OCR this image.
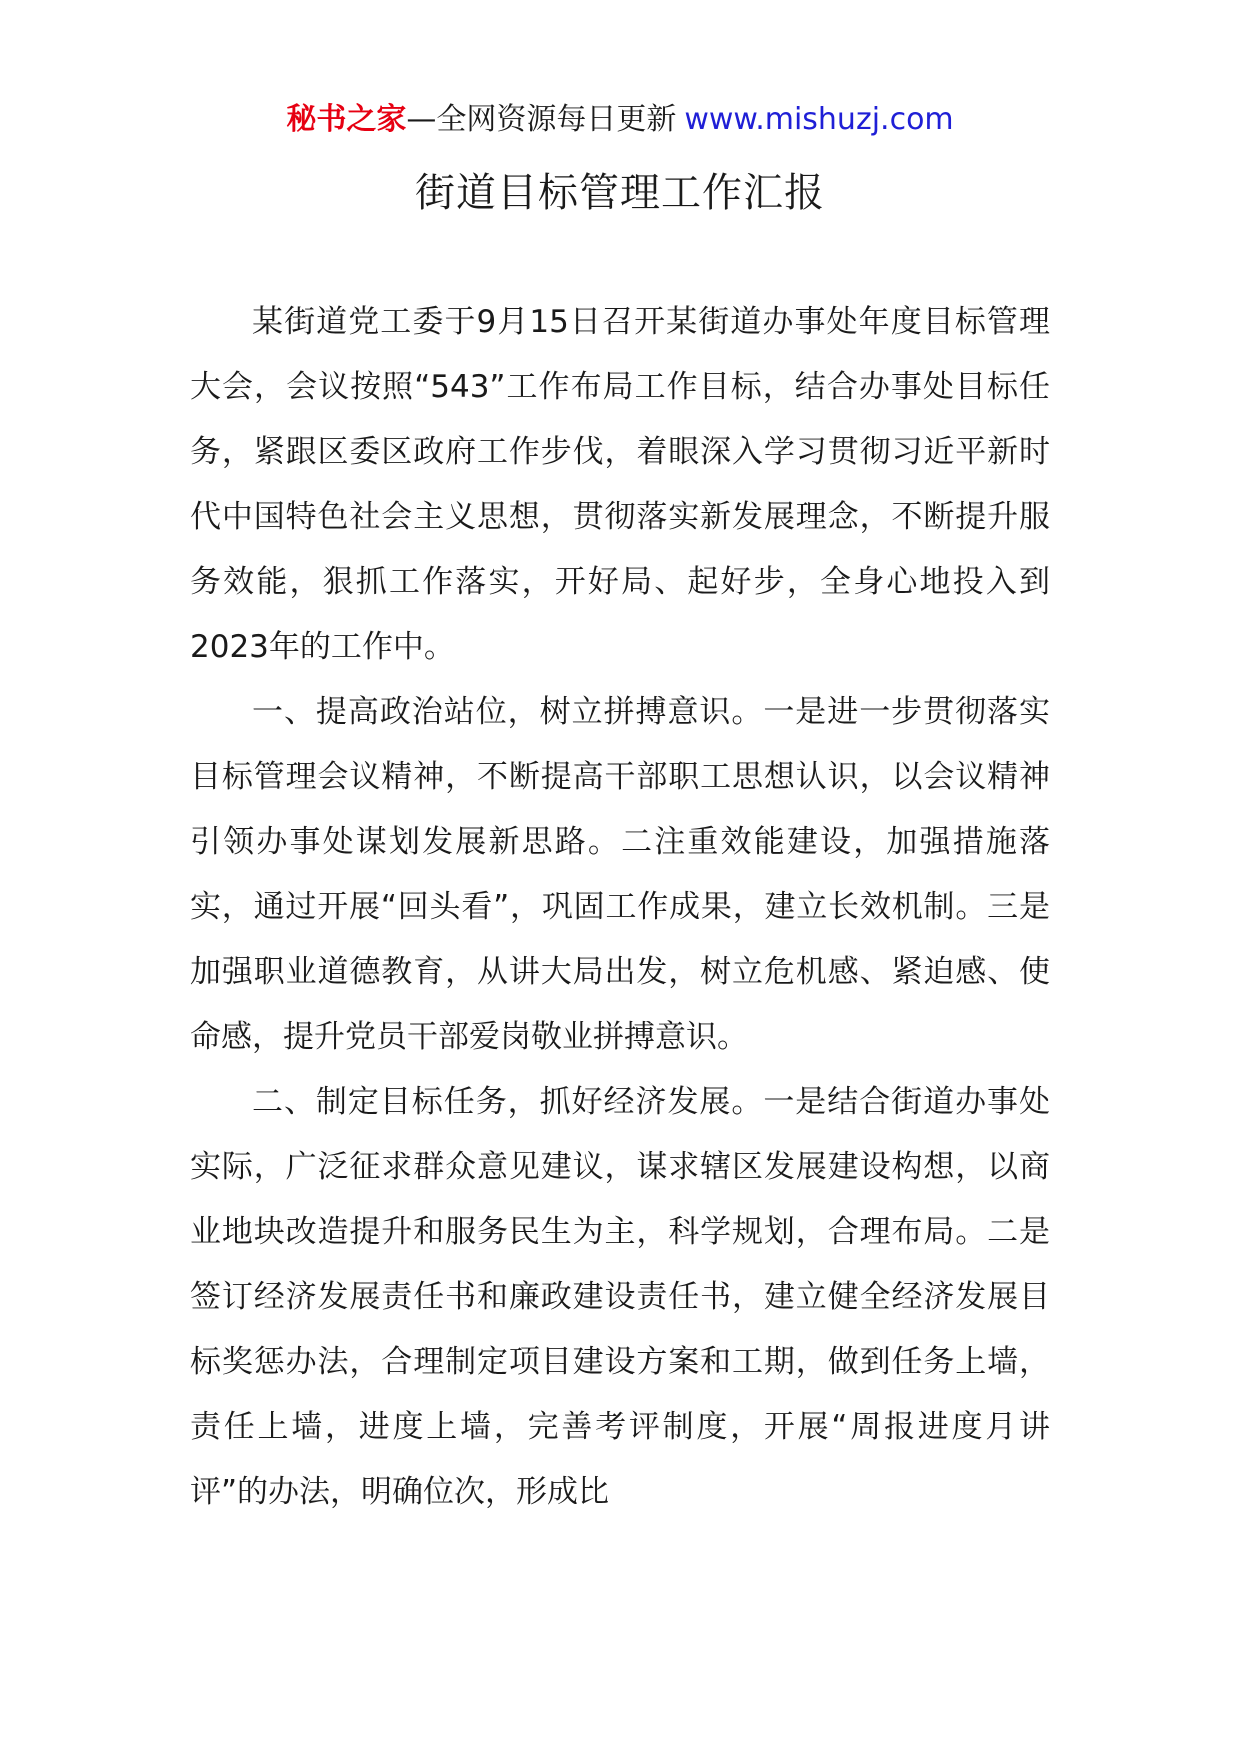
秘书之家—全网资源每日更新 www.mishuzj.com
街道目标管理工作汇报

某街道党工委于9月15日召开某街道办事处年度目标管理大会，会议按照“543”工作布局工作目标，结合办事处目标任务，紧跟区委区政府工作步伐，着眼深入学习贯彻习近平新时代中国特色社会主义思想，贯彻落实新发展理念，不断提升服务效能，狠抓工作落实，开好局、起好步，全身心地投入到2023年的工作中。

一、提高政治站位，树立拼搏意识。一是进一步贯彻落实目标管理会议精神，不断提高干部职工思想认识，以会议精神引领办事处谋划发展新思路。二注重效能建设，加强措施落实，通过开展“回头看”，巩固工作成果，建立长效机制。三是加强职业道德教育，从讲大局出发，树立危机感、紧迫感、使命感，提升党员干部爱岗敬业拼搏意识。

二、制定目标任务，抓好经济发展。一是结合街道办事处实际，广泛征求群众意见建议，谋求辖区发展建设构想，以商业地块改造提升和服务民生为主，科学规划，合理布局。二是签订经济发展责任书和廉政建设责任书，建立健全经济发展目标奖惩办法，合理制定项目建设方案和工期，做到任务上墙，责任上墙，进度上墙，完善考评制度，开展“周报进度月讲评”的办法，明确位次，形成比
